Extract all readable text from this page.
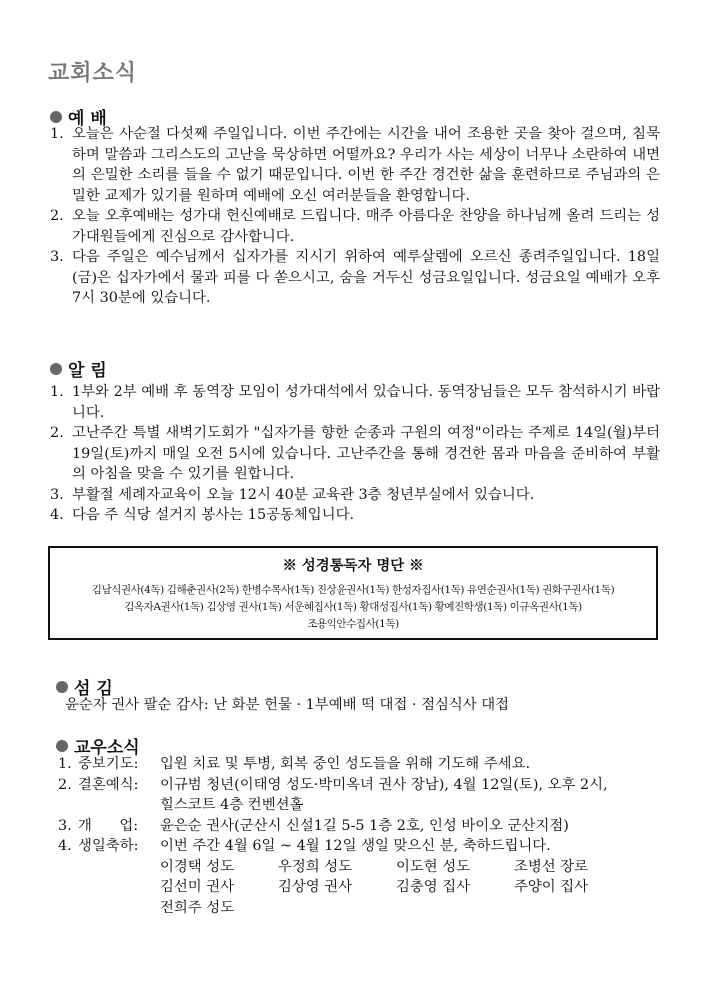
교회소식
예 배
1. 오늘은 사순절 다섯째 주일입니다. 이번 주간에는 시간을 내어 조용한 곳을 찾아 걸으며, 침묵하며 말씀과 그리스도의 고난을 묵상하면 어떨까요? 우리가 사는 세상이 너무나 소란하여 내면의 은밀한 소리를 들을 수 없기 때문입니다. 이번 한 주간 경건한 삶을 훈련하므로 주님과의 은밀한 교제가 있기를 원하며 예배에 오신 여러분들을 환영합니다.
2. 오늘 오후예배는 성가대 헌신예배로 드립니다. 매주 아름다운 찬양을 하나님께 올려 드리는 성가대원들에게 진심으로 감사합니다.
3. 다음 주일은 예수님께서 십자가를 지시기 위하여 예루살렘에 오르신 종려주일입니다. 18일(금)은 십자가에서 물과 피를 다 쏟으시고, 숨을 거두신 성금요일입니다. 성금요일 예배가 오후 7시 30분에 있습니다.
알 림
1. 1부와 2부 예배 후 동역장 모임이 성가대석에서 있습니다. 동역장님들은 모두 참석하시기 바랍니다.
2. 고난주간 특별 새벽기도회가 "십자가를 향한 순종과 구원의 여정"이라는 주제로 14일(월)부터 19일(토)까지 매일 오전 5시에 있습니다. 고난주간을 통해 경건한 몸과 마음을 준비하여 부활의 아침을 맞을 수 있기를 원합니다.
3. 부활절 세례자교육이 오늘 12시 40분 교육관 3층 청년부실에서 있습니다.
4. 다음 주 식당 설거지 봉사는 15공동체입니다.
※ 성경통독자 명단 ※
김남식권사(4독) 김해춘권사(2독) 한병수목사(1독) 진상윤권사(1독) 한성자집사(1독) 유연순권사(1독) 권화구권사(1독)
김옥자A권사(1독) 김상영 권사(1독) 서운혜집사(1독) 황대성집사(1독) 황예진학생(1독) 이규옥권사(1독)
조용익안수집사(1독)
섬 김
윤순자 권사 팔순 감사: 난 화분 헌물 · 1부예배 떡 대접 · 점심식사 대접
교우소식
1. 중보기도:	입원 치료 및 투병, 회복 중인 성도들을 위해 기도해 주세요.
2. 결혼예식:	이규범 청년(이태영 성도·박미옥녀 권사 장남), 4월 12일(토), 오후 2시,
힐스코트 4층 컨벤션홀
3. 개      업:	윤은순 권사(군산시 신설1길 5-5 1층 2호, 인성 바이오 군산지점)
4. 생일축하:	이번 주간 4월 6일 ~ 4월 12일 생일 맞으신 분, 축하드립니다.
이경택 성도	우정희 성도	이도현 성도	조병선 장로
김선미 권사	김상영 권사	김충영 집사	주양이 집사
전희주 성도
